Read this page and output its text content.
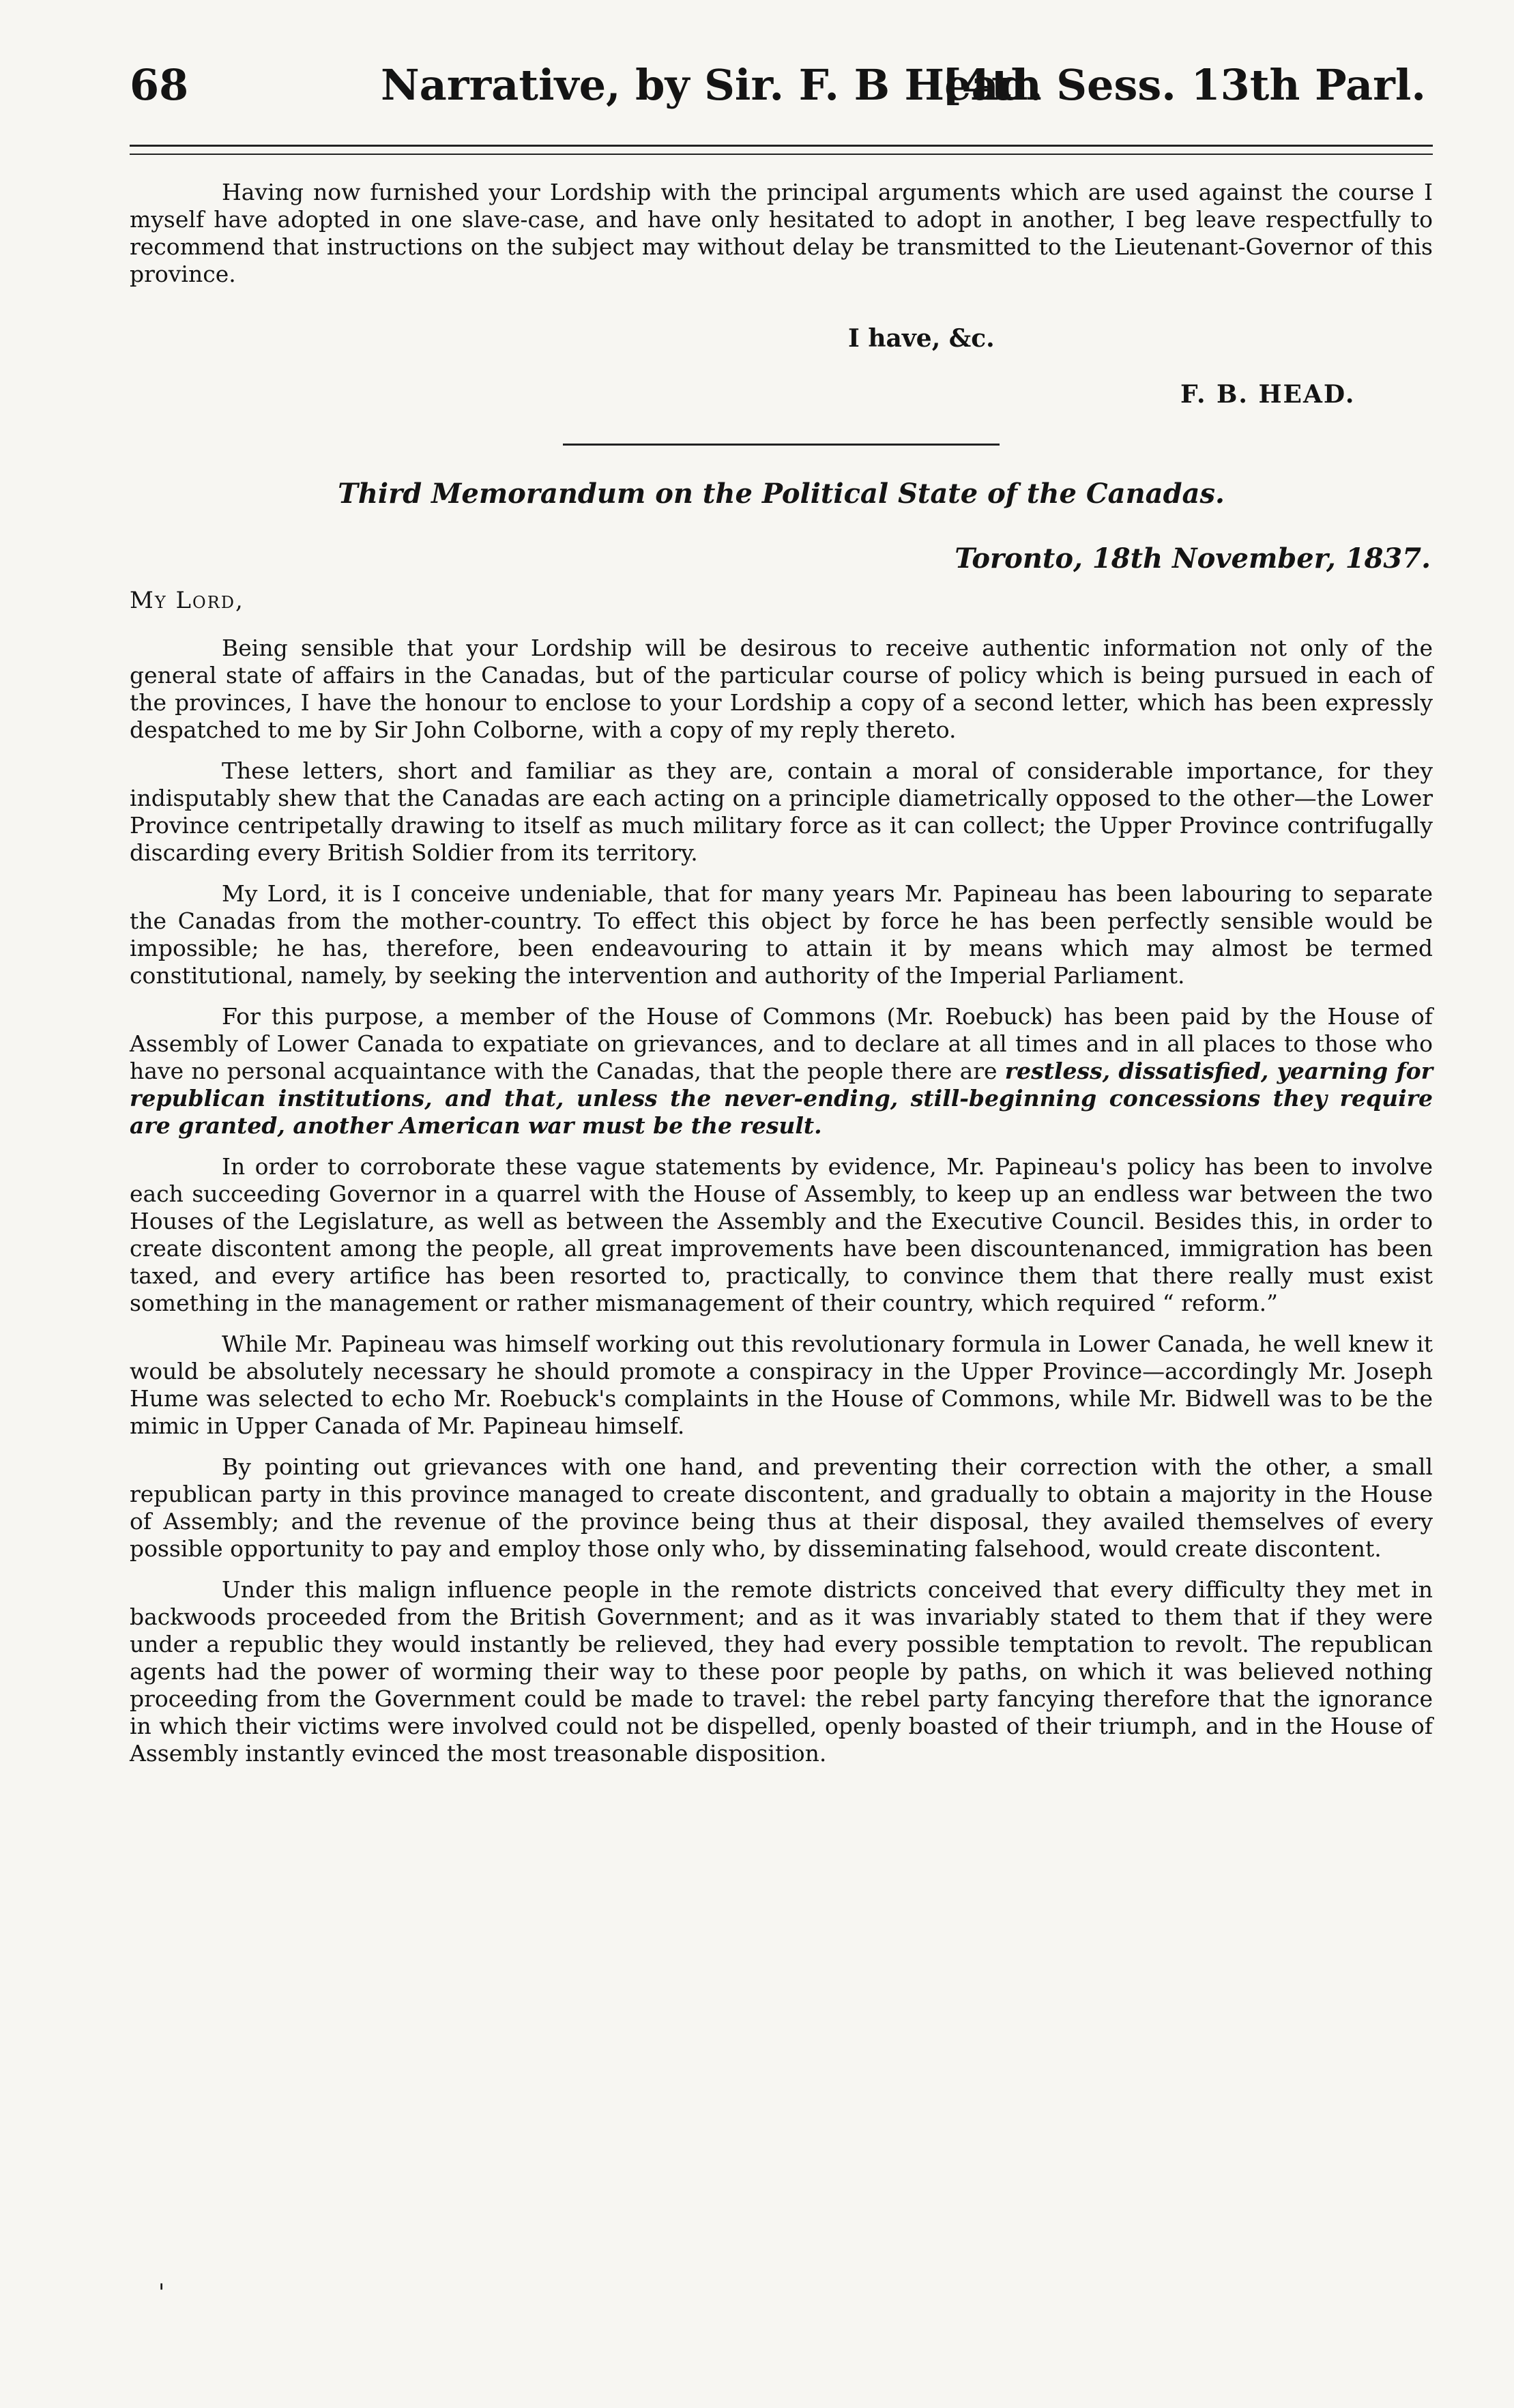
68	Narrative, by Sir. F. B Head.
[4th Sess. 13th Parl.

Having now furnished your Lordship with the principal arguments which are used against the course I myself have adopted in one slave-case, and have only hesitated to adopt in another, I beg leave respectfully to recommend that instructions on the subject may without delay be transmitted to the Lieutenant-Governor of this province.

I have, &c.
F. B. HEAD.
Third Memorandum on the Political State of the Canadas.
Toronto, 18th November, 1837.
My Lord,

Being sensible that your Lordship will be desirous to receive authentic information not only of the general state of affairs in the Canadas, but of the particular course of policy which is being pursued in each of the provinces, I have the honour to enclose to your Lordship a copy of a second letter, which has been expressly despatched to me by Sir John Colborne, with a copy of my reply thereto.

These letters, short and familiar as they are, contain a moral of considerable importance, for they indisputably shew that the Canadas are each acting on a principle diametrically opposed to the other—the Lower Province centripetally drawing to itself as much military force as it can collect; the Upper Province contrifugally discarding every British Soldier from its territory.

My Lord, it is I conceive undeniable, that for many years Mr. Papineau has been labouring to separate the Canadas from the mother-country. To effect this object by force he has been perfectly sensible would be impossible; he has, therefore, been endeavouring to attain it by means which may almost be termed constitutional, namely, by seeking the intervention and authority of the Imperial Parliament.

For this purpose, a member of the House of Commons (Mr. Roebuck) has been paid by the House of Assembly of Lower Canada to expatiate on grievances, and to declare at all times and in all places to those who have no personal acquaintance with the Canadas, that the people there are restless, dissatisfied, yearning for republican institutions, and that, unless the never-ending, still-beginning concessions they require are granted, another American war must be the result.

In order to corroborate these vague statements by evidence, Mr. Papineau's policy has been to involve each succeeding Governor in a quarrel with the House of Assembly, to keep up an endless war between the two Houses of the Legislature, as well as between the Assembly and the Executive Council. Besides this, in order to create discontent among the people, all great improvements have been discountenanced, immigration has been taxed, and every artifice has been resorted to, practically, to convince them that there really must exist something in the management or rather mismanagement of their country, which required “ reform.”

While Mr. Papineau was himself working out this revolutionary formula in Lower Canada, he well knew it would be absolutely necessary he should promote a conspiracy in the Upper Province—accordingly Mr. Joseph Hume was selected to echo Mr. Roebuck's complaints in the House of Commons, while Mr. Bidwell was to be the mimic in Upper Canada of Mr. Papineau himself.

By pointing out grievances with one hand, and preventing their correction with the other, a small republican party in this province managed to create discontent, and gradually to obtain a majority in the House of Assembly; and the revenue of the province being thus at their disposal, they availed themselves of every possible opportunity to pay and employ those only who, by disseminating falsehood, would create discontent.

Under this malign influence people in the remote districts conceived that every difficulty they met in backwoods proceeded from the British Government; and as it was invariably stated to them that if they were under a republic they would instantly be relieved, they had every possible temptation to revolt. The republican agents had the power of worming their way to these poor people by paths, on which it was believed nothing proceeding from the Government could be made to travel: the rebel party fancying therefore that the ignorance in which their victims were involved could not be dispelled, openly boasted of their triumph, and in the House of Assembly instantly evinced the most treasonable disposition.

'
